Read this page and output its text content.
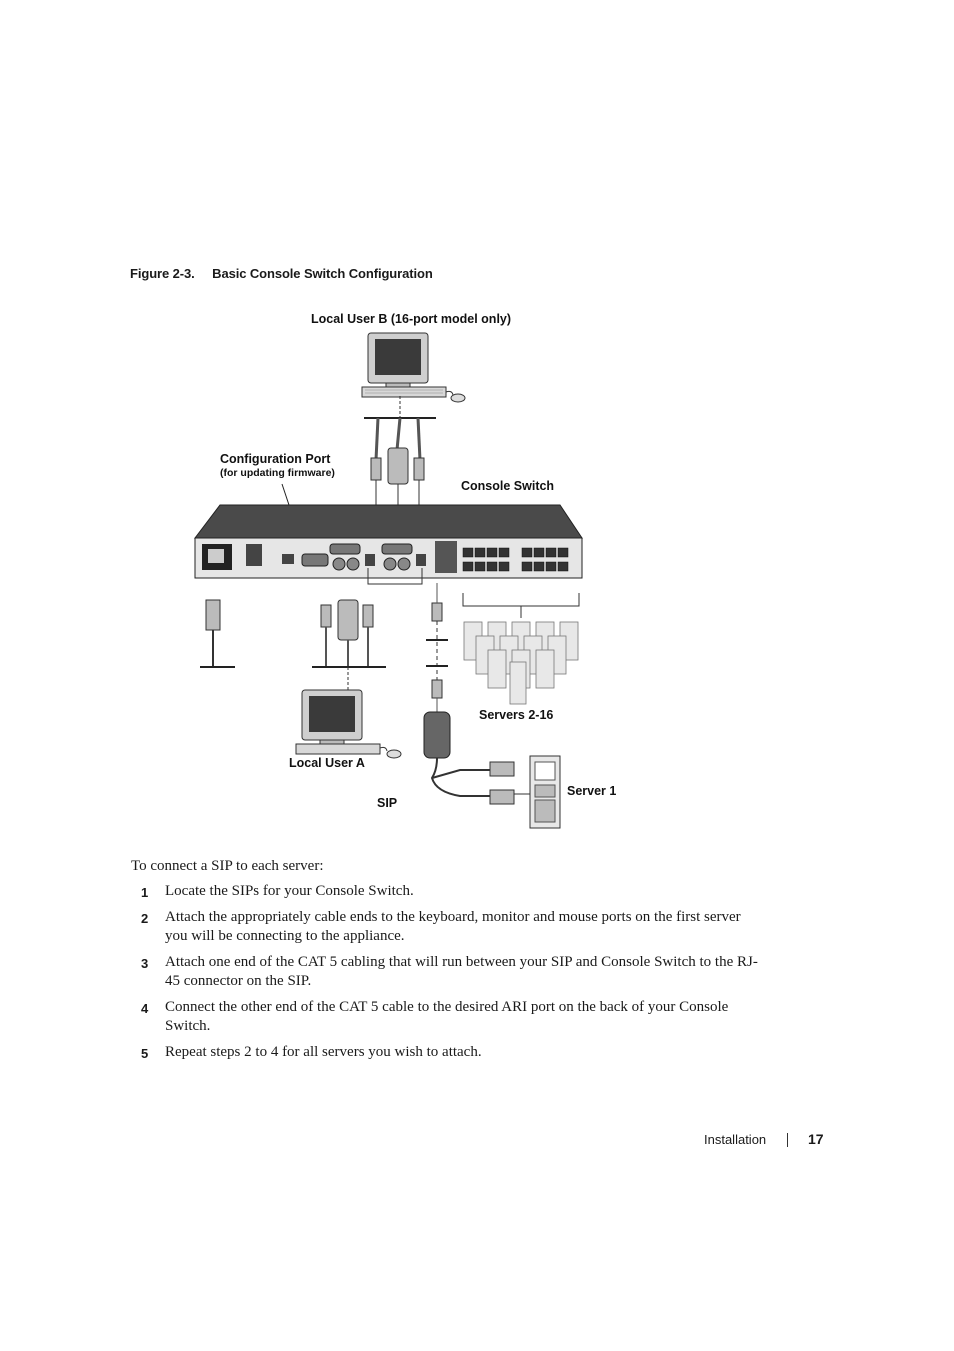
Figure 2-3. Basic Console Switch Configuration
Local User B (16-port model only)
Configuration Port
(for updating firmware)
Console Switch
Local User A
SIP
Servers 2-16
Server 1
To connect a SIP to each server:
1 Locate the SIPs for your Console Switch.
2 Attach the appropriately cable ends to the keyboard, monitor and mouse ports on the first server you will be connecting to the appliance.
3 Attach one end of the CAT 5 cabling that will run between your SIP and Console Switch to the RJ-45 connector on the SIP.
4 Connect the other end of the CAT 5 cable to the desired ARI port on the back of your Console Switch.
5 Repeat steps 2 to 4 for all servers you wish to attach.
Installation	17
